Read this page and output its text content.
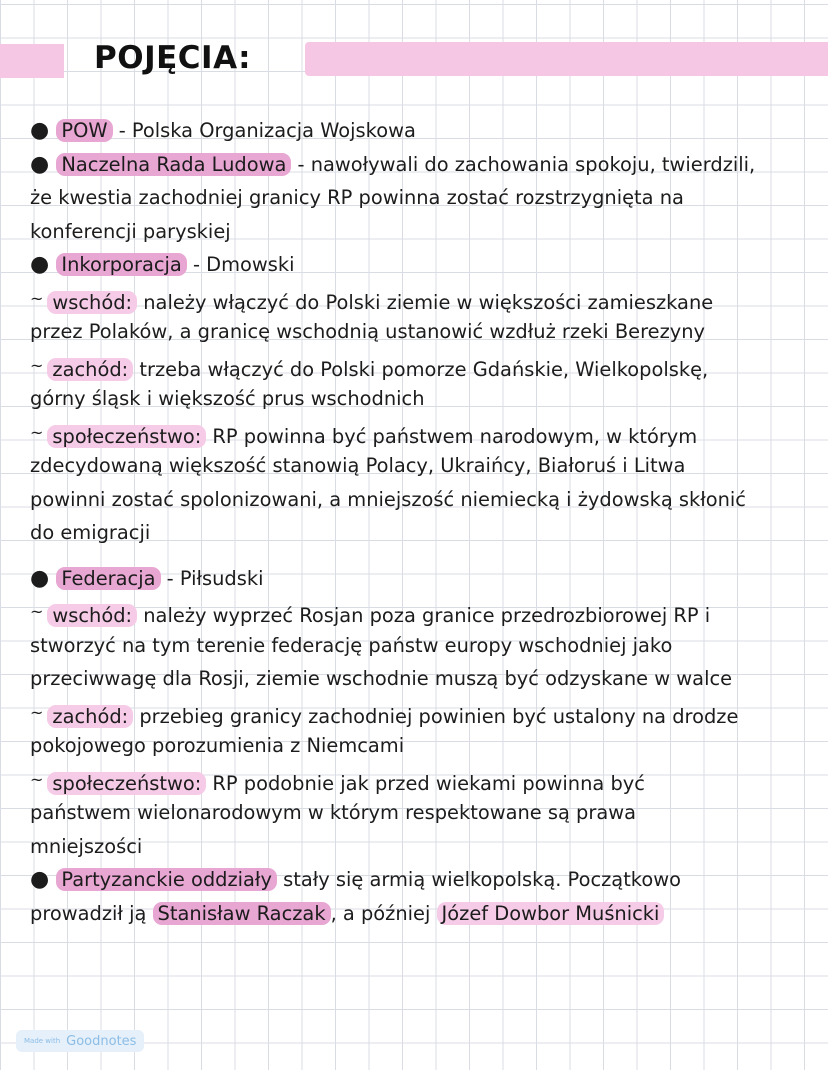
POJĘCIA:
● POW - Polska Organizacja Wojskowa
● Naczelna Rada Ludowa - nawoływali do zachowania spokoju, twierdzili,
że kwestia zachodniej granicy RP powinna zostać rozstrzygnięta na
konferencji paryskiej
● Inkorporacja - Dmowski
~ wschód: należy włączyć do Polski ziemie w większości zamieszkane
przez Polaków, a granicę wschodnią ustanowić wzdłuż rzeki Berezyny
~ zachód: trzeba włączyć do Polski pomorze Gdańskie, Wielkopolskę,
górny śląsk i większość prus wschodnich
~ społeczeństwo: RP powinna być państwem narodowym, w którym
zdecydowaną większość stanowią Polacy, Ukraińcy, Białoruś i Litwa
powinni zostać spolonizowani, a mniejszość niemiecką i żydowską skłonić
do emigracji
● Federacja - Piłsudski
~ wschód: należy wyprzeć Rosjan poza granice przedrozbiorowej RP i
stworzyć na tym terenie federację państw europy wschodniej jako
przeciwwagę dla Rosji, ziemie wschodnie muszą być odzyskane w walce
~ zachód: przebieg granicy zachodniej powinien być ustalony na drodze
pokojowego porozumienia z Niemcami
~ społeczeństwo: RP podobnie jak przed wiekami powinna być
państwem wielonarodowym w którym respektowane są prawa
mniejszości
● Partyzanckie oddziały stały się armią wielkopolską. Początkowo
prowadził ją Stanisław Raczak , a później Józef Dowbor Muśnicki
Made with Goodnotes
